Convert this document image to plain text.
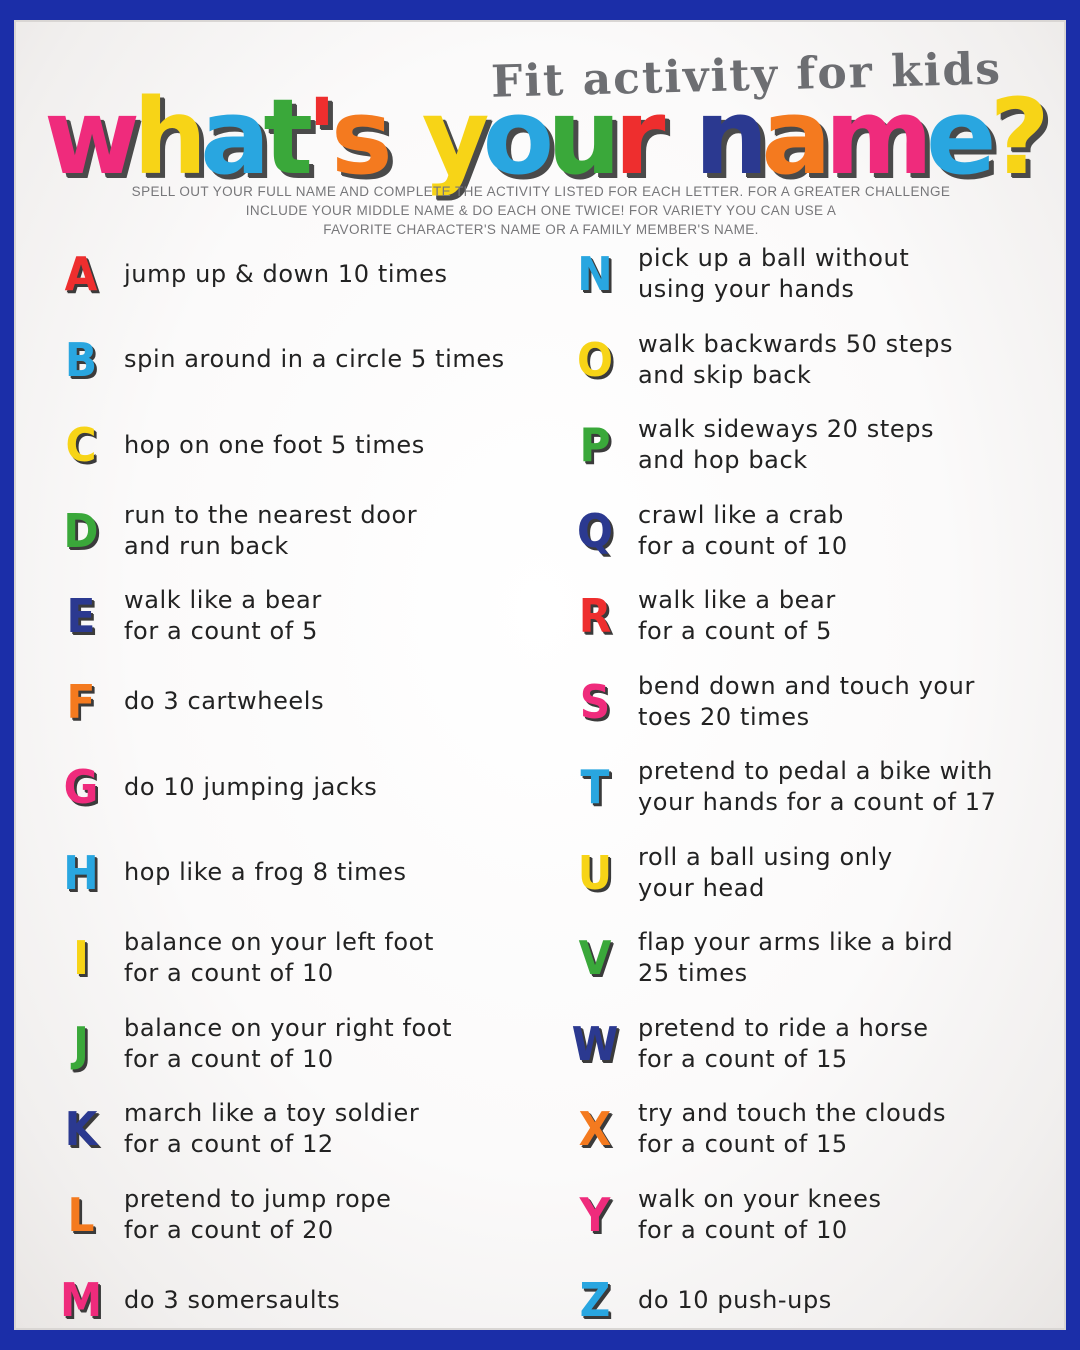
Fit activity for kids
what's your name?
SPELL OUT YOUR FULL NAME AND COMPLETE THE ACTIVITY LISTED FOR EACH LETTER. FOR A GREATER CHALLENGE
INCLUDE YOUR MIDDLE NAME & DO EACH ONE TWICE! FOR VARIETY YOU CAN USE A
FAVORITE CHARACTER'S NAME OR A FAMILY MEMBER'S NAME.
A	jump up & down 10 times
B	spin around in a circle 5 times
C	hop on one foot 5 times
D	run to the nearest door
and run back
E	walk like a bear
for a count of 5
F	do 3 cartwheels
G	do 10 jumping jacks
H hop like a frog 8 times
I	balance on your left foot
for a count of 10
J	balance on your right foot
for a count of 10
K	march like a toy soldier
for a count of 12
L	pretend to jump rope
for a count of 20
M do 3 somersaults
N pick up a ball without
using your hands
O walk backwards 50 steps
and skip back
P	walk sideways 20 steps
and hop back
Q crawl like a crab
for a count of 10
R	walk like a bear
for a count of 5
S	bend down and touch your
toes 20 times
T	pretend to pedal a bike with
your hands for a count of 17
U	roll a ball using only
your head
V	flap your arms like a bird
25 times
W pretend to ride a horse
for a count of 15
X	try and touch the clouds
for a count of 15
Y	walk on your knees
for a count of 10
Z	do 10 push-ups
